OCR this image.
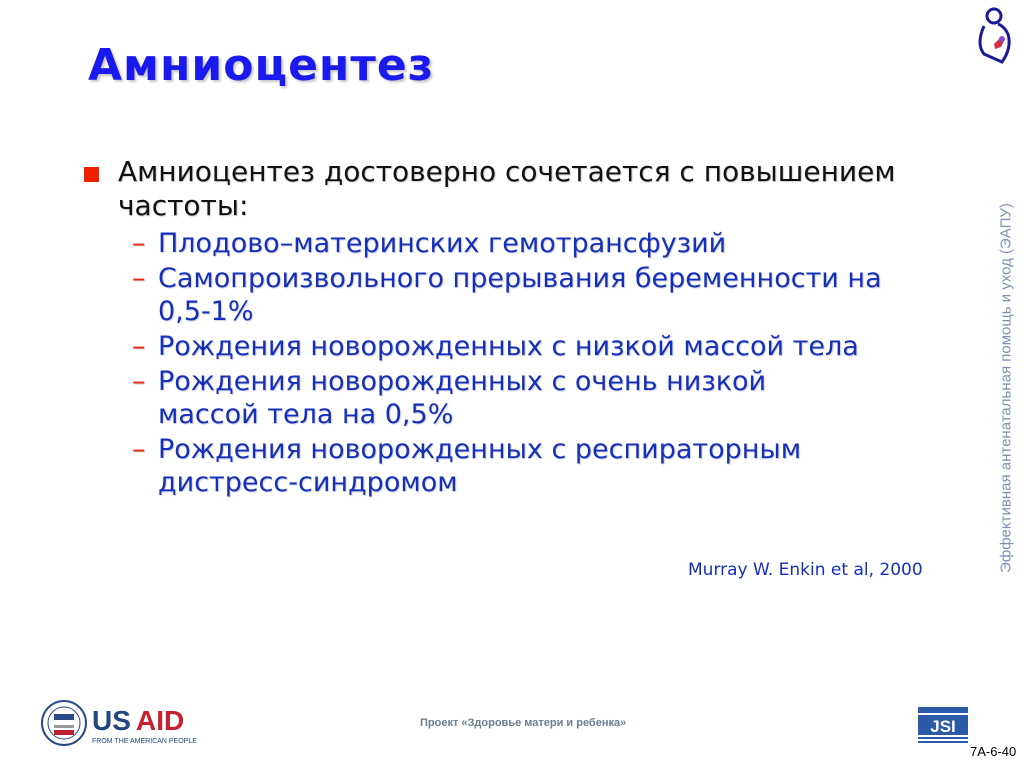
Амниоцентез
Эффективная антенатальная помощь и уход (ЭАПУ)
Амниоцентез достоверно сочетается с повышением частоты:
– Плодово–материнских гемотрансфузий
– Самопроизвольного прерывания беременности на 0,5-1%
– Рождения новорожденных с низкой массой тела
– Рождения новорожденных с очень низкой массой тела на 0,5%
– Рождения новорожденных с респираторным дистресс-синдромом
Murray W. Enkin et al, 2000
US AID
FROM THE AMERICAN PEOPLE
Проект «Здоровье матери и ребенка»	JSI
7A-6-40
